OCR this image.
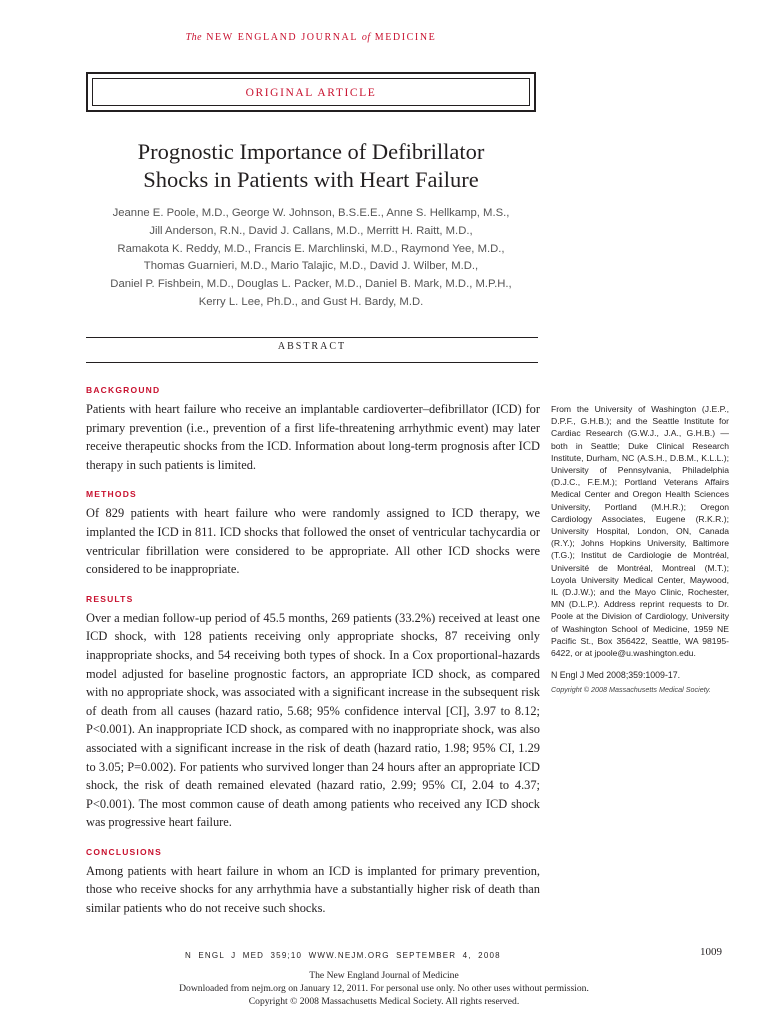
The NEW ENGLAND JOURNAL of MEDICINE
ORIGINAL ARTICLE
Prognostic Importance of Defibrillator
Shocks in Patients with Heart Failure
Jeanne E. Poole, M.D., George W. Johnson, B.S.E.E., Anne S. Hellkamp, M.S.,
Jill Anderson, R.N., David J. Callans, M.D., Merritt H. Raitt, M.D.,
Ramakota K. Reddy, M.D., Francis E. Marchlinski, M.D., Raymond Yee, M.D.,
Thomas Guarnieri, M.D., Mario Talajic, M.D., David J. Wilber, M.D.,
Daniel P. Fishbein, M.D., Douglas L. Packer, M.D., Daniel B. Mark, M.D., M.P.H.,
Kerry L. Lee, Ph.D., and Gust H. Bardy, M.D.
ABSTRACT
BACKGROUND

Patients with heart failure who receive an implantable cardioverter–defibrillator (ICD) for primary prevention (i.e., prevention of a first life-threatening arrhythmic event) may later receive therapeutic shocks from the ICD. Information about long-term prognosis after ICD therapy in such patients is limited.

METHODS

Of 829 patients with heart failure who were randomly assigned to ICD therapy, we implanted the ICD in 811. ICD shocks that followed the onset of ventricular tachycardia or ventricular fibrillation were considered to be appropriate. All other ICD shocks were considered to be inappropriate.

RESULTS

Over a median follow-up period of 45.5 months, 269 patients (33.2%) received at least one ICD shock, with 128 patients receiving only appropriate shocks, 87 receiving only inappropriate shocks, and 54 receiving both types of shock. In a Cox proportional-hazards model adjusted for baseline prognostic factors, an appropriate ICD shock, as compared with no appropriate shock, was associated with a significant increase in the subsequent risk of death from all causes (hazard ratio, 5.68; 95% confidence interval [CI], 3.97 to 8.12; P<0.001). An inappropriate ICD shock, as compared with no inappropriate shock, was also associated with a significant increase in the risk of death (hazard ratio, 1.98; 95% CI, 1.29 to 3.05; P=0.002). For patients who survived longer than 24 hours after an appropriate ICD shock, the risk of death remained elevated (hazard ratio, 2.99; 95% CI, 2.04 to 4.37; P<0.001). The most common cause of death among patients who received any ICD shock was progressive heart failure.

CONCLUSIONS

Among patients with heart failure in whom an ICD is implanted for primary prevention, those who receive shocks for any arrhythmia have a substantially higher risk of death than similar patients who do not receive such shocks.

From the University of Washington (J.E.P., D.P.F., G.H.B.); and the Seattle Institute for Cardiac Research (G.W.J., J.A., G.H.B.) — both in Seattle; Duke Clinical Research Institute, Durham, NC (A.S.H., D.B.M., K.L.L.); University of Pennsylvania, Philadelphia (D.J.C., F.E.M.); Portland Veterans Affairs Medical Center and Oregon Health Sciences University, Portland (M.H.R.); Oregon Cardiology Associates, Eugene (R.K.R.); University Hospital, London, ON, Canada (R.Y.); Johns Hopkins University, Baltimore (T.G.); Institut de Cardiologie de Montréal, Université de Montréal, Montreal (M.T.); Loyola University Medical Center, Maywood, IL (D.J.W.); and the Mayo Clinic, Rochester, MN (D.L.P.). Address reprint requests to Dr. Poole at the Division of Cardiology, University of Washington School of Medicine, 1959 NE Pacific St., Box 356422, Seattle, WA 98195-6422, or at jpoole@u.washington.edu.
N Engl J Med 2008;359:1009-17.
Copyright © 2008 Massachusetts Medical Society.
N ENGL J MED 359;10 WWW.NEJM.ORG SEPTEMBER 4, 2008	1009
The New England Journal of Medicine
Downloaded from nejm.org on January 12, 2011. For personal use only. No other uses without permission.
Copyright © 2008 Massachusetts Medical Society. All rights reserved.
